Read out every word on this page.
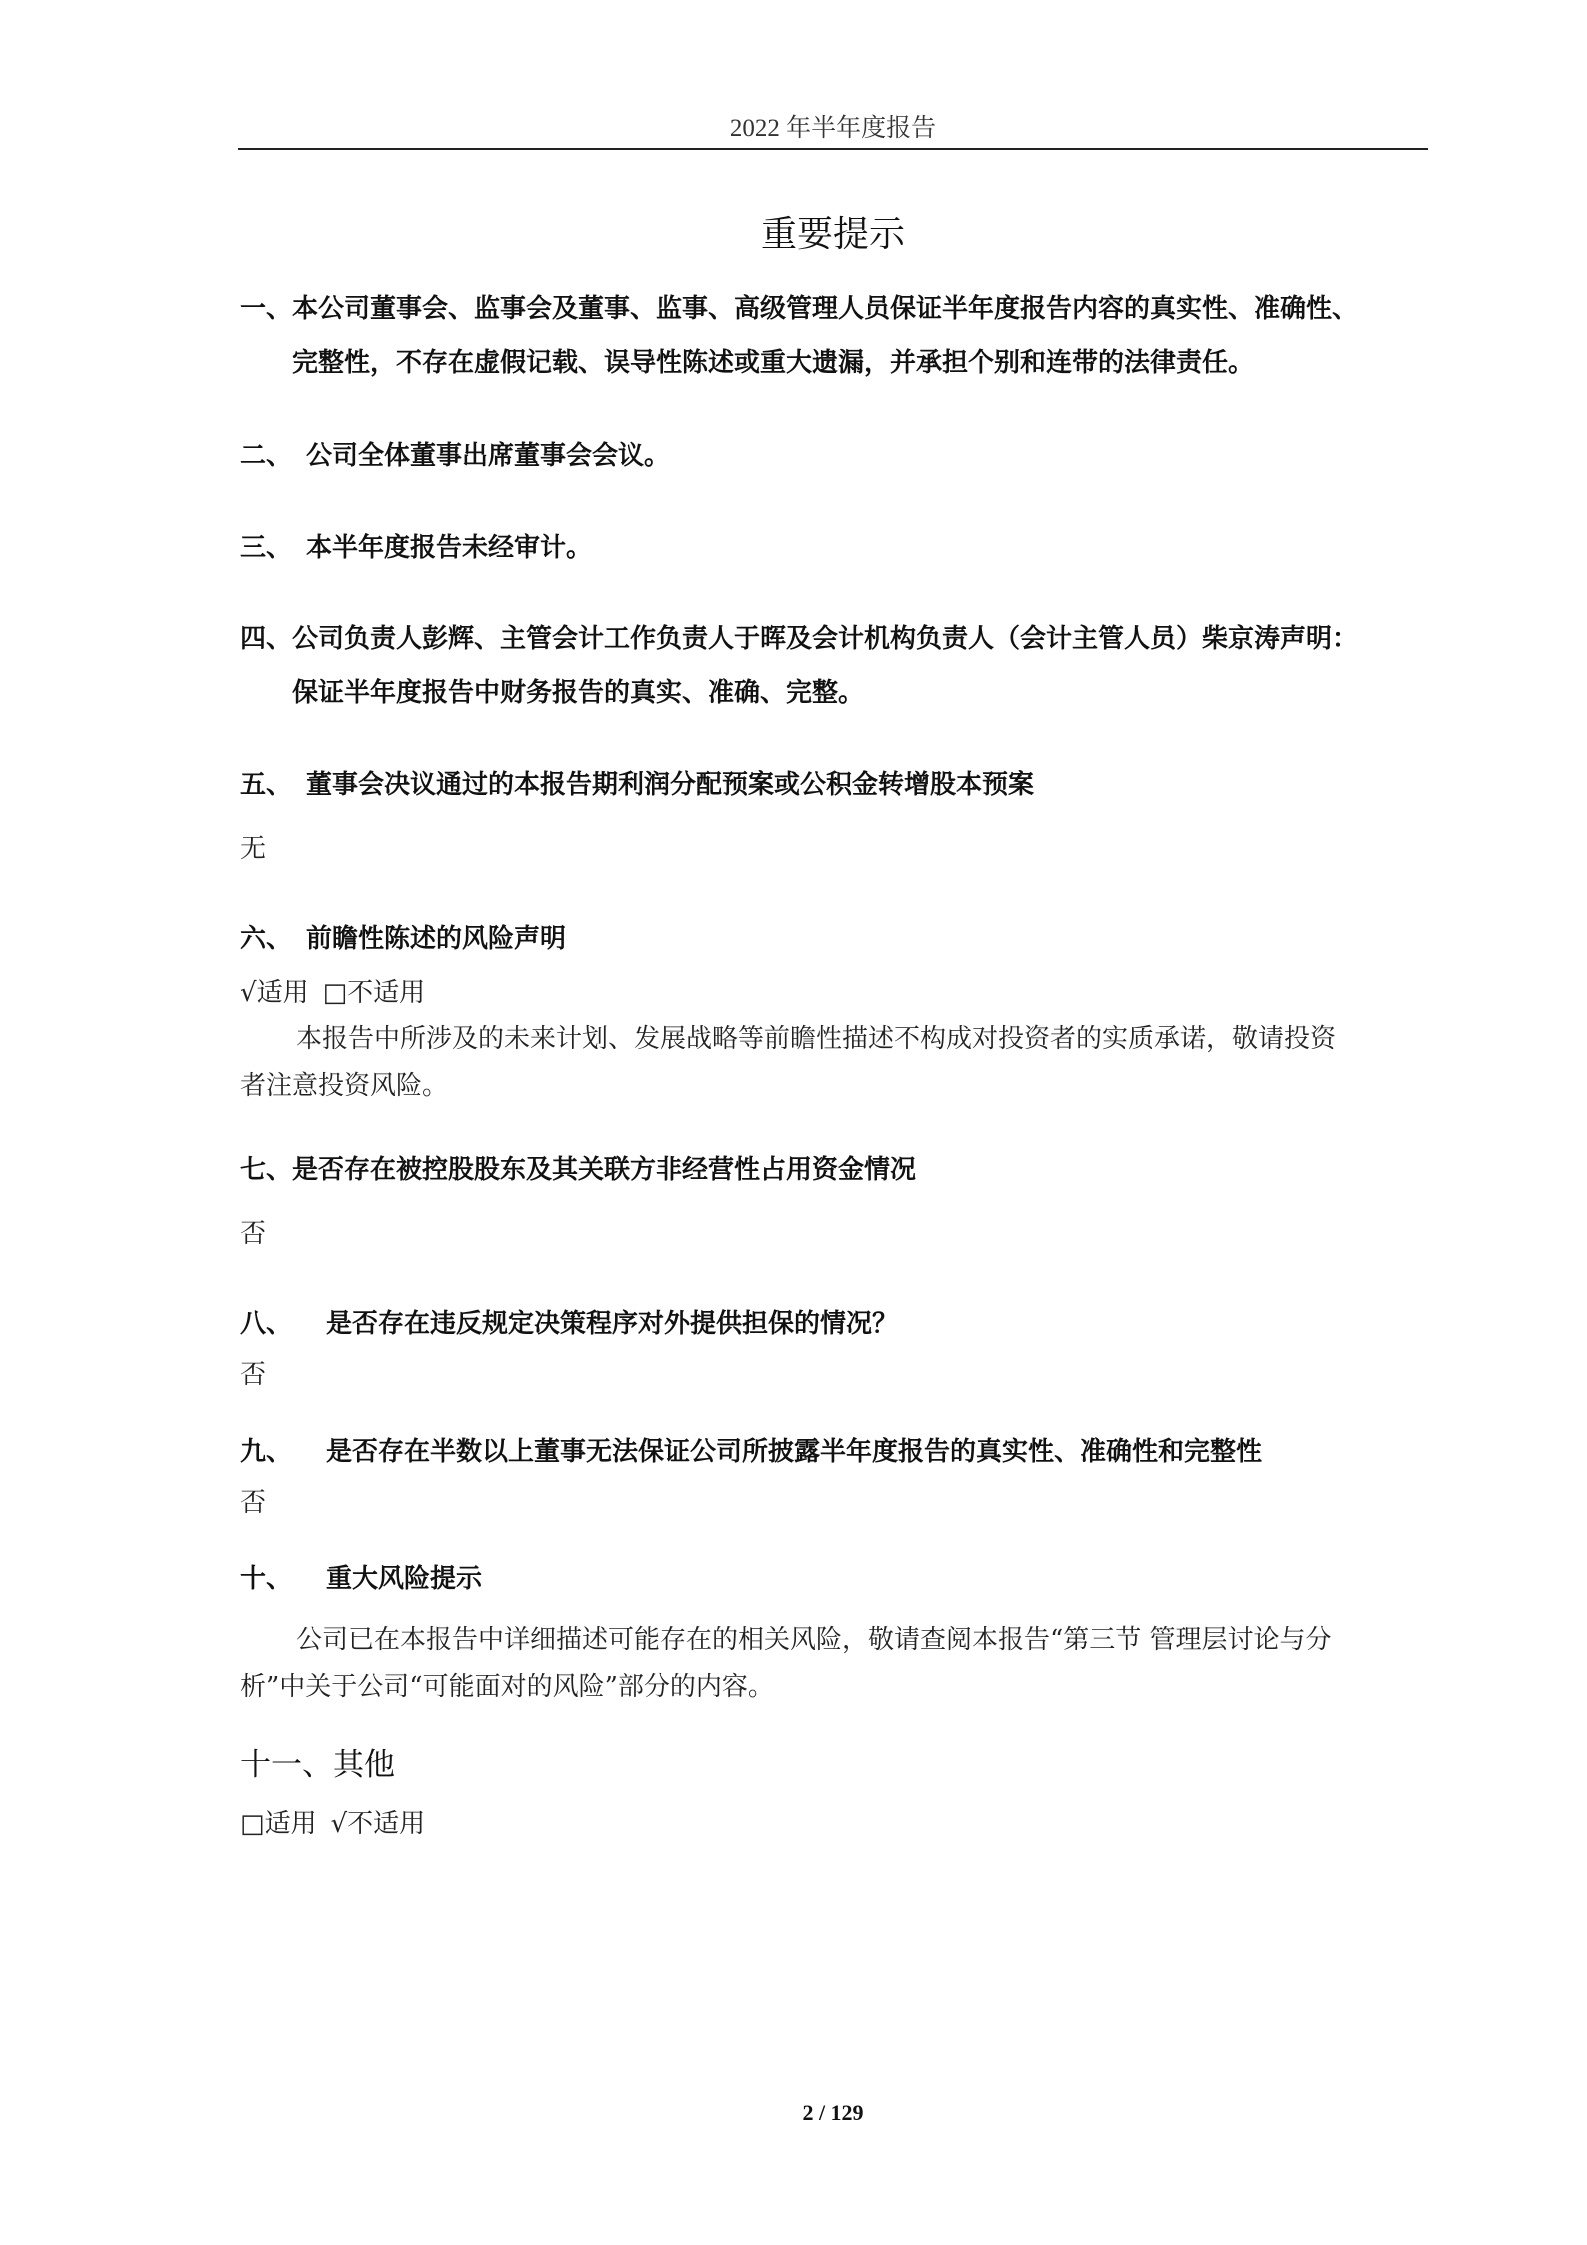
2022 年半年度报告
重要提示
一、本公司董事会、监事会及董事、监事、高级管理人员保证半年度报告内容的真实性、准确性、
完整性，不存在虚假记载、误导性陈述或重大遗漏，并承担个别和连带的法律责任。
二、 公司全体董事出席董事会会议。
三、 本半年度报告未经审计。
四、公司负责人彭辉、主管会计工作负责人于晖及会计机构负责人（会计主管人员）柴京涛声明：
保证半年度报告中财务报告的真实、准确、完整。
五、 董事会决议通过的本报告期利润分配预案或公积金转增股本预案
无
六、 前瞻性陈述的风险声明
√适用 □不适用
本报告中所涉及的未来计划、发展战略等前瞻性描述不构成对投资者的实质承诺，敬请投资
者注意投资风险。
七、是否存在被控股股东及其关联方非经营性占用资金情况
否
八、 是否存在违反规定决策程序对外提供担保的情况？
否
九、 是否存在半数以上董事无法保证公司所披露半年度报告的真实性、准确性和完整性
否
十、 重大风险提示
公司已在本报告中详细描述可能存在的相关风险，敬请查阅本报告“第三节 管理层讨论与分
析”中关于公司“可能面对的风险”部分的内容。
十一、其他
□适用 √不适用
2 / 129
